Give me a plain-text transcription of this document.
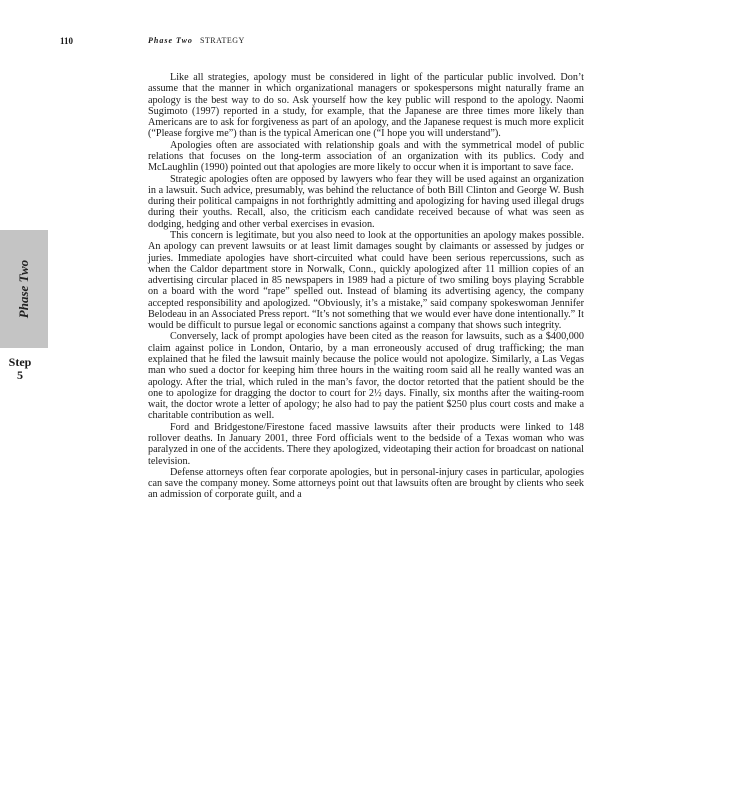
110	Phase Two STRATEGY
Phase Two
Step
5

Like all strategies, apology must be considered in light of the particular public involved. Don’t assume that the manner in which organizational managers or spokespersons might naturally frame an apology is the best way to do so. Ask yourself how the key public will respond to the apology. Naomi Sugimoto (1997) reported in a study, for example, that the Japanese are three times more likely than Americans are to ask for forgiveness as part of an apology, and the Japanese request is much more explicit (“Please forgive me”) than is the typical American one (“I hope you will understand”).

Apologies often are associated with relationship goals and with the symmetrical model of public relations that focuses on the long-term association of an organization with its publics. Cody and McLaughlin (1990) pointed out that apologies are more likely to occur when it is important to save face.

Strategic apologies often are opposed by lawyers who fear they will be used against an organization in a lawsuit. Such advice, presumably, was behind the reluctance of both Bill Clinton and George W. Bush during their political campaigns in not forthrightly admitting and apologizing for having used illegal drugs during their youths. Recall, also, the criticism each candidate received because of what was seen as dodging, hedging and other verbal exercises in evasion.

This concern is legitimate, but you also need to look at the opportunities an apology makes possible. An apology can prevent lawsuits or at least limit damages sought by claimants or assessed by judges or juries. Immediate apologies have short-circuited what could have been serious repercussions, such as when the Caldor department store in Norwalk, Conn., quickly apologized after 11 million copies of an advertising circular placed in 85 newspapers in 1989 had a picture of two smiling boys playing Scrabble on a board with the word “rape” spelled out. Instead of blaming its advertising agency, the company accepted responsibility and apologized. “Obviously, it’s a mistake,” said company spokeswoman Jennifer Belodeau in an Associated Press report. “It’s not something that we would ever have done intentionally.” It would be difficult to pursue legal or economic sanctions against a company that shows such integrity.

Conversely, lack of prompt apologies have been cited as the reason for lawsuits, such as a $400,000 claim against police in London, Ontario, by a man erroneously accused of drug trafficking; the man explained that he filed the lawsuit mainly because the police would not apologize. Similarly, a Las Vegas man who sued a doctor for keeping him three hours in the waiting room said all he really wanted was an apology. After the trial, which ruled in the man’s favor, the doctor retorted that the patient should be the one to apologize for dragging the doctor to court for 2½ days. Finally, six months after the waiting-room wait, the doctor wrote a letter of apology; he also had to pay the patient $250 plus court costs and make a charitable contribution as well.

Ford and Bridgestone/Firestone faced massive lawsuits after their products were linked to 148 rollover deaths. In January 2001, three Ford officials went to the bedside of a Texas woman who was paralyzed in one of the accidents. There they apologized, videotaping their action for broadcast on national television.

Defense attorneys often fear corporate apologies, but in personal-injury cases in particular, apologies can save the company money. Some attorneys point out that lawsuits often are brought by clients who seek an admission of corporate guilt, and a
